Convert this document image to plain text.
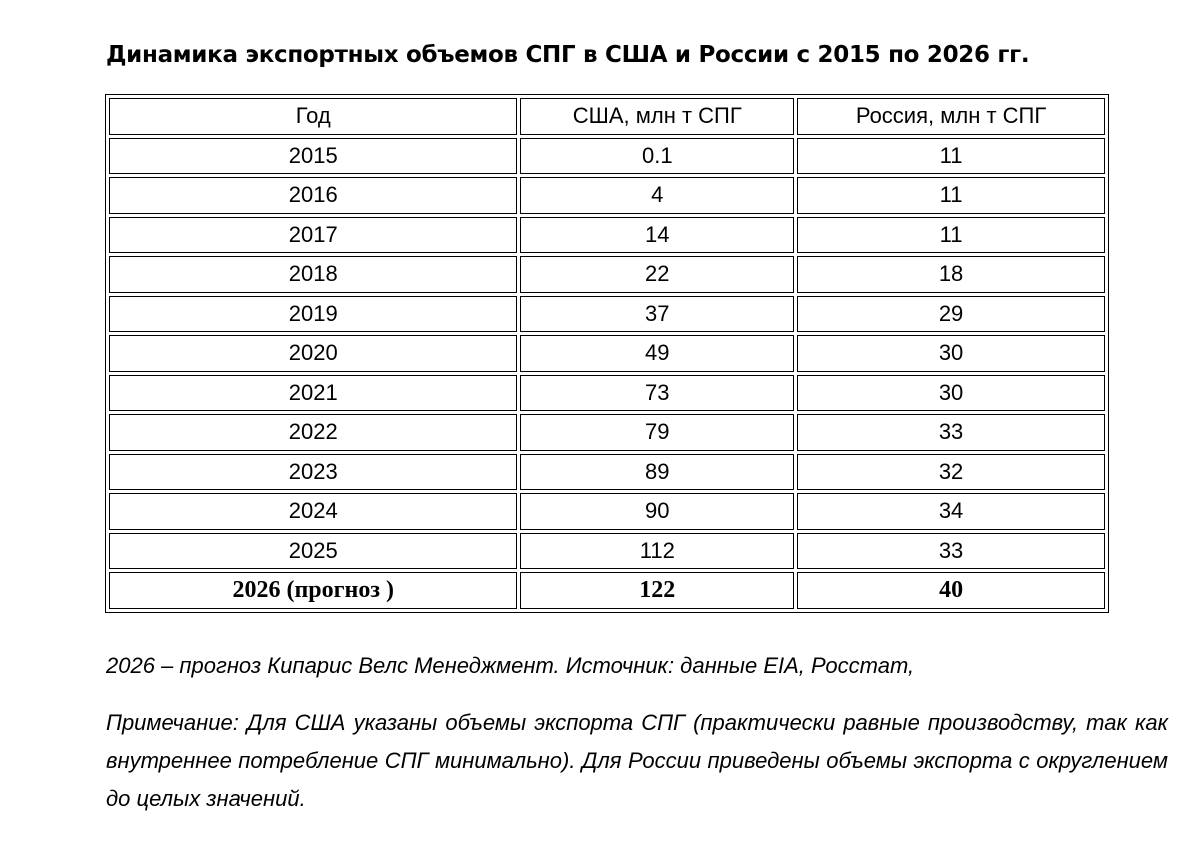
Динамика экспортных объемов СПГ в США и России с 2015 по 2026 гг.
Год	США, млн т СПГ	Россия, млн т СПГ
2015	0.1	11
2016	4	11
2017	14	11
2018	22	18
2019	37	29
2020	49	30
2021	73	30
2022	79	33
2023	89	32
2024	90	34
2025	112	33
2026 (прогноз )	122	40
2026 – прогноз Кипарис Велс Менеджмент. Источник: данные EIA, Росстат,
Примечание: Для США указаны объемы экспорта СПГ (практически равные производству, так как внутреннее потребление СПГ минимально). Для России приведены объемы экспорта с округлением до целых значений.
